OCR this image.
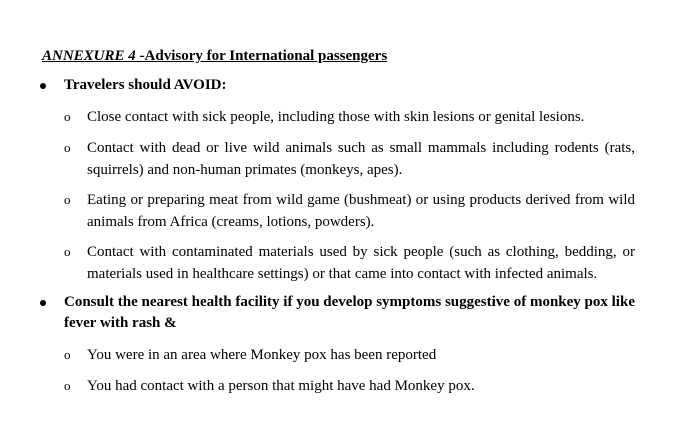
ANNEXURE 4 -Advisory for International passengers
Travelers should AVOID:
o Close contact with sick people, including those with skin lesions or genital lesions.
o Contact with dead or live wild animals such as small mammals including rodents (rats, squirrels) and non-human primates (monkeys, apes).
o Eating or preparing meat from wild game (bushmeat) or using products derived from wild animals from Africa (creams, lotions, powders).
o Contact with contaminated materials used by sick people (such as clothing, bedding, or materials used in healthcare settings) or that came into contact with infected animals.
Consult the nearest health facility if you develop symptoms suggestive of monkey pox like fever with rash &
o You were in an area where Monkey pox has been reported
o You had contact with a person that might have had Monkey pox.
